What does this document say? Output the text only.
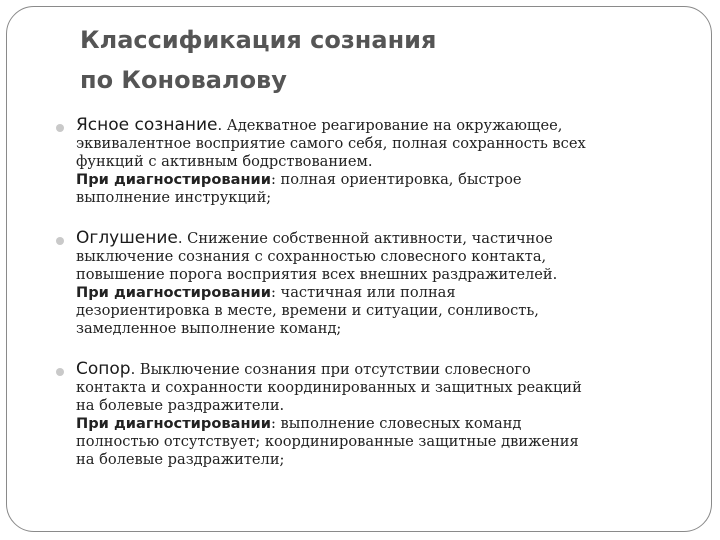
Классификация сознания
по Коновалову
Ясное сознание. Адекватное реагирование на окружающее,
эквивалентное восприятие самого себя, полная сохранность всех
функций с активным бодрствованием.
При диагностировании: полная ориентировка, быстрое
выполнение инструкций;
Оглушение. Снижение собственной активности, частичное
выключение сознания с сохранностью словесного контакта,
повышение порога восприятия всех внешних раздражителей.
При диагностировании: частичная или полная
дезориентировка в месте, времени и ситуации, сонливость,
замедленное выполнение команд;
Сопор. Выключение сознания при отсутствии словесного
контакта и сохранности координированных и защитных реакций
на болевые раздражители.
При диагностировании: выполнение словесных команд
полностью отсутствует; координированные защитные движения
на болевые раздражители;
